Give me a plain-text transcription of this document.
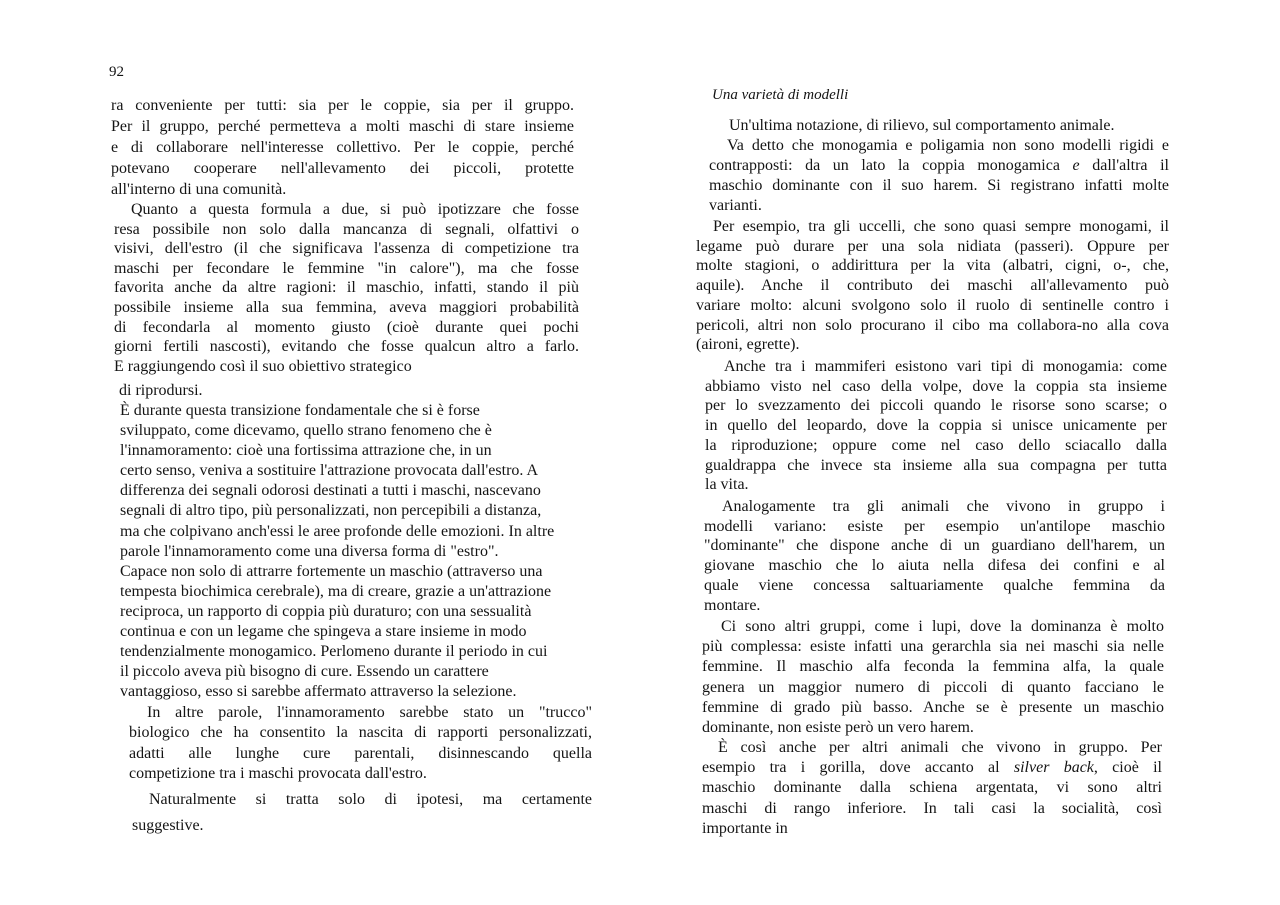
92
Una varietà di modelli
ra conveniente per tutti: sia per le coppie, sia per il gruppo.
Per il gruppo, perché permetteva a molti maschi di stare insieme
e di collaborare nell'interesse collettivo. Per le coppie, perché
potevano cooperare nell'allevamento dei piccoli, protette
all'interno di una comunità.
Quanto a questa formula a due, si può ipotizzare che fosse
resa possibile non solo dalla mancanza di segnali, olfattivi o
visivi, dell'estro (il che significava l'assenza di competizione tra
maschi per fecondare le femmine "in calore"), ma che fosse
favorita anche da altre ragioni: il maschio, infatti, stando il più
possibile insieme alla sua femmina, aveva maggiori probabilità
di fecondarla al momento giusto (cioè durante quei pochi
giorni fertili nascosti), evitando che fosse qualcun altro a farlo.
E raggiungendo così il suo obiettivo strategico
di riprodursi.
È durante questa transizione fondamentale che si è forse
sviluppato, come dicevamo, quello strano fenomeno che è
l'innamoramento: cioè una fortissima attrazione che, in un
certo senso, veniva a sostituire l'attrazione provocata dall'estro. A
differenza dei segnali odorosi destinati a tutti i maschi, nascevano
segnali di altro tipo, più personalizzati, non percepibili a distanza,
ma che colpivano anch'essi le aree profonde delle emozioni. In altre
parole l'innamoramento come una diversa forma di "estro".
Capace non solo di attrarre fortemente un maschio (attraverso una
tempesta biochimica cerebrale), ma di creare, grazie a un'attrazione
reciproca, un rapporto di coppia più duraturo; con una sessualità
continua e con un legame che spingeva a stare insieme in modo
tendenzialmente monogamico. Perlomeno durante il periodo in cui
il piccolo aveva più bisogno di cure. Essendo un carattere
vantaggioso, esso si sarebbe affermato attraverso la selezione.
In altre parole, l'innamoramento sarebbe stato un "trucco"
biologico che ha consentito la nascita di rapporti personalizzati,
adatti alle lunghe cure parentali, disinnescando quella
competizione tra i maschi provocata dall'estro.
Naturalmente si tratta solo di ipotesi, ma certamente
suggestive.
Un'ultima notazione, di rilievo, sul comportamento animale.
Va detto che monogamia e poligamia non sono modelli rigidi e
contrapposti: da un lato la coppia monogamica e dall'altra il
maschio dominante con il suo harem. Si registrano infatti molte
varianti.
Per esempio, tra gli uccelli, che sono quasi sempre monogami, il
legame può durare per una sola nidiata (passeri). Oppure per
molte stagioni, o addirittura per la vita (albatri, cigni, o-, che,
aquile). Anche il contributo dei maschi all'allevamento può
variare molto: alcuni svolgono solo il ruolo di sentinelle contro i
pericoli, altri non solo procurano il cibo ma collabora-no alla cova
(aironi, egrette).
Anche tra i mammiferi esistono vari tipi di monogamia: come
abbiamo visto nel caso della volpe, dove la coppia sta insieme
per lo svezzamento dei piccoli quando le risorse sono scarse; o
in quello del leopardo, dove la coppia si unisce unicamente per
la riproduzione; oppure come nel caso dello sciacallo dalla
gualdrappa che invece sta insieme alla sua compagna per tutta
la vita.
Analogamente tra gli animali che vivono in gruppo i
modelli variano: esiste per esempio un'antilope maschio
"dominante" che dispone anche di un guardiano dell'harem, un
giovane maschio che lo aiuta nella difesa dei confini e al
quale viene concessa saltuariamente qualche femmina da
montare.
Ci sono altri gruppi, come i lupi, dove la dominanza è molto
più complessa: esiste infatti una gerarchla sia nei maschi sia nelle
femmine. Il maschio alfa feconda la femmina alfa, la quale
genera un maggior numero di piccoli di quanto facciano le
femmine di grado più basso. Anche se è presente un maschio
dominante, non esiste però un vero harem.
È così anche per altri animali che vivono in gruppo. Per
esempio tra i gorilla, dove accanto al silver back, cioè il
maschio dominante dalla schiena argentata, vi sono altri
maschi di rango inferiore. In tali casi la socialità, così
importante in
